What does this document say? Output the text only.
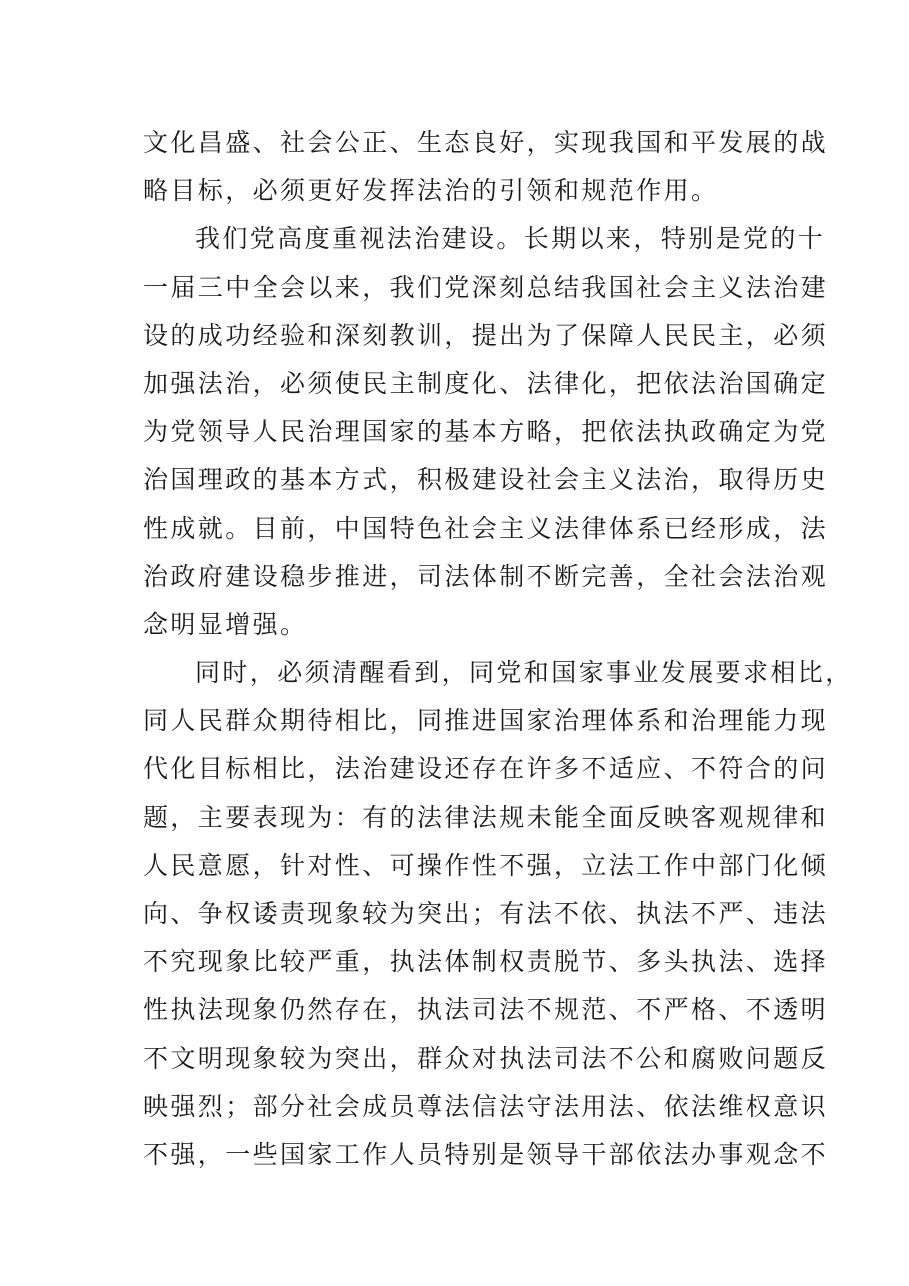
文化昌盛、社会公正、生态良好，实现我国和平发展的战
略目标，必须更好发挥法治的引领和规范作用。
我们党高度重视法治建设。长期以来，特别是党的十
一届三中全会以来，我们党深刻总结我国社会主义法治建
设的成功经验和深刻教训，提出为了保障人民民主，必须
加强法治，必须使民主制度化、法律化，把依法治国确定
为党领导人民治理国家的基本方略，把依法执政确定为党
治国理政的基本方式，积极建设社会主义法治，取得历史
性成就。目前，中国特色社会主义法律体系已经形成，法
治政府建设稳步推进，司法体制不断完善，全社会法治观
念明显增强。
同时，必须清醒看到，同党和国家事业发展要求相比，
同人民群众期待相比，同推进国家治理体系和治理能力现
代化目标相比，法治建设还存在许多不适应、不符合的问
题，主要表现为：有的法律法规未能全面反映客观规律和
人民意愿，针对性、可操作性不强，立法工作中部门化倾
向、争权诿责现象较为突出；有法不依、执法不严、违法
不究现象比较严重，执法体制权责脱节、多头执法、选择
性执法现象仍然存在，执法司法不规范、不严格、不透明
不文明现象较为突出，群众对执法司法不公和腐败问题反
映强烈；部分社会成员尊法信法守法用法、依法维权意识
不强，一些国家工作人员特别是领导干部依法办事观念不
